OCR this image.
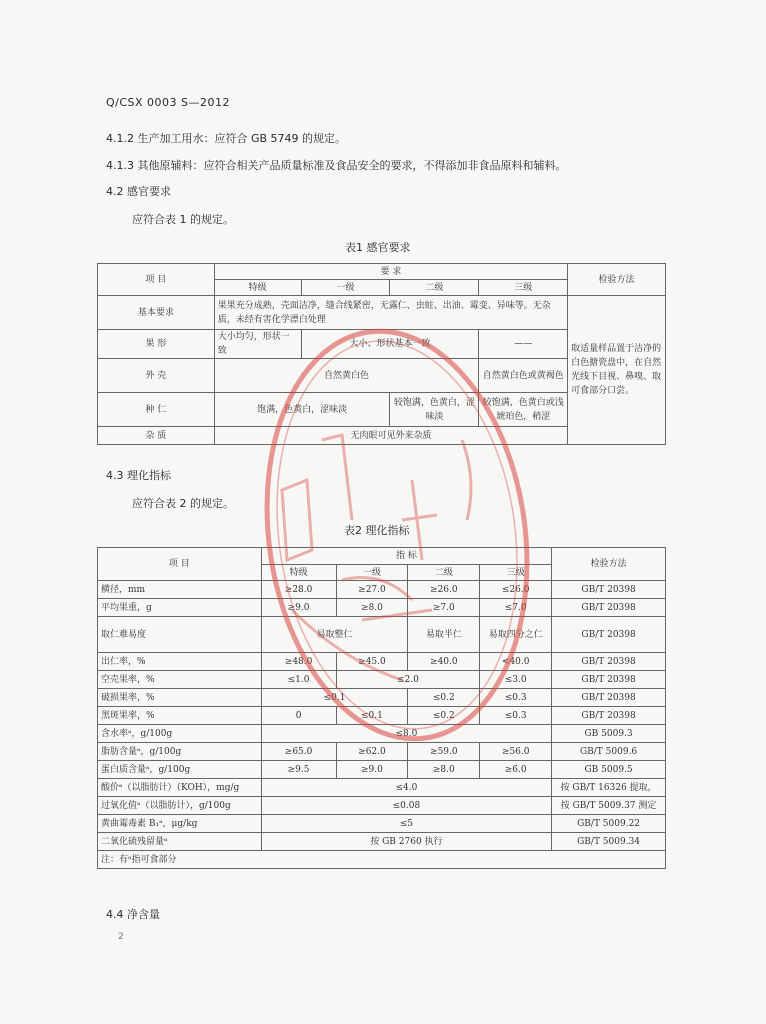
Q/CSX 0003 S—2012
4.1.2 生产加工用水：应符合 GB 5749 的规定。
4.1.3 其他原辅料：应符合相关产品质量标准及食品安全的要求，不得添加非食品原料和辅料。
4.2 感官要求
应符合表 1 的规定。
表1 感官要求
项 目	要 求				检验方法
	特级	一级	二级	三级	
基本要求	果果充分成熟，壳面洁净，缝合线紧密，无露仁、虫蛀、出油、霉变、异味等。无杂质，未经有害化学漂白处理				取适量样品置于洁净的白色搪瓷盘中，在自然光线下目视、鼻嗅、取可食部分口尝。
果 形	大小均匀，形状一致	大小、形状基本一致		——	
外 壳	自然黄白色			自然黄白色或黄褐色	
种 仁	饱满，色黄白，涩味淡		较饱满，色黄白，涩味淡	较饱满，色黄白或浅琥珀色，稍涩	
杂 质	无肉眼可见外来杂质				
4.3 理化指标
应符合表 2 的规定。
表2 理化指标
项 目	指 标				检验方法
	特级	一级	二级	三级	
横径，mm	≥28.0	≥27.0	≥26.0	≤26.0	GB/T 20398
平均果重，g	≥9.0	≥8.0	≥7.0	≤7.0	GB/T 20398
取仁难易度	易取整仁		易取半仁	易取四分之仁	GB/T 20398
出仁率，%	≥48.0	≥45.0	≥40.0	<40.0	GB/T 20398
空壳果率，%	≤1.0	≤2.0		≤3.0	GB/T 20398
破损果率，%	≤0.1		≤0.2	≤0.3	GB/T 20398
黑斑果率，%	0	≤0.1	≤0.2	≤0.3	GB/T 20398
含水率ᵃ，g/100g	≤8.0				GB 5009.3
脂肪含量ᵃ，g/100g	≥65.0	≥62.0	≥59.0	≥56.0	GB/T 5009.6
蛋白质含量ᵃ，g/100g	≥9.5	≥9.0	≥8.0	≥6.0	GB 5009.5
酸价ᵃ（以脂肪计）（KOH），mg/g	≤4.0				按 GB/T 16326 提取，
过氧化值ᵃ（以脂肪计），g/100g	≤0.08				按 GB/T 5009.37 测定
黄曲霉毒素 B₁ᵃ，μg/kg	≤5				GB/T 5009.22
二氧化硫残留量ᵃ	按 GB 2760 执行				GB/T 5009.34
注：有ᵃ指可食部分					
4.4 净含量
2
